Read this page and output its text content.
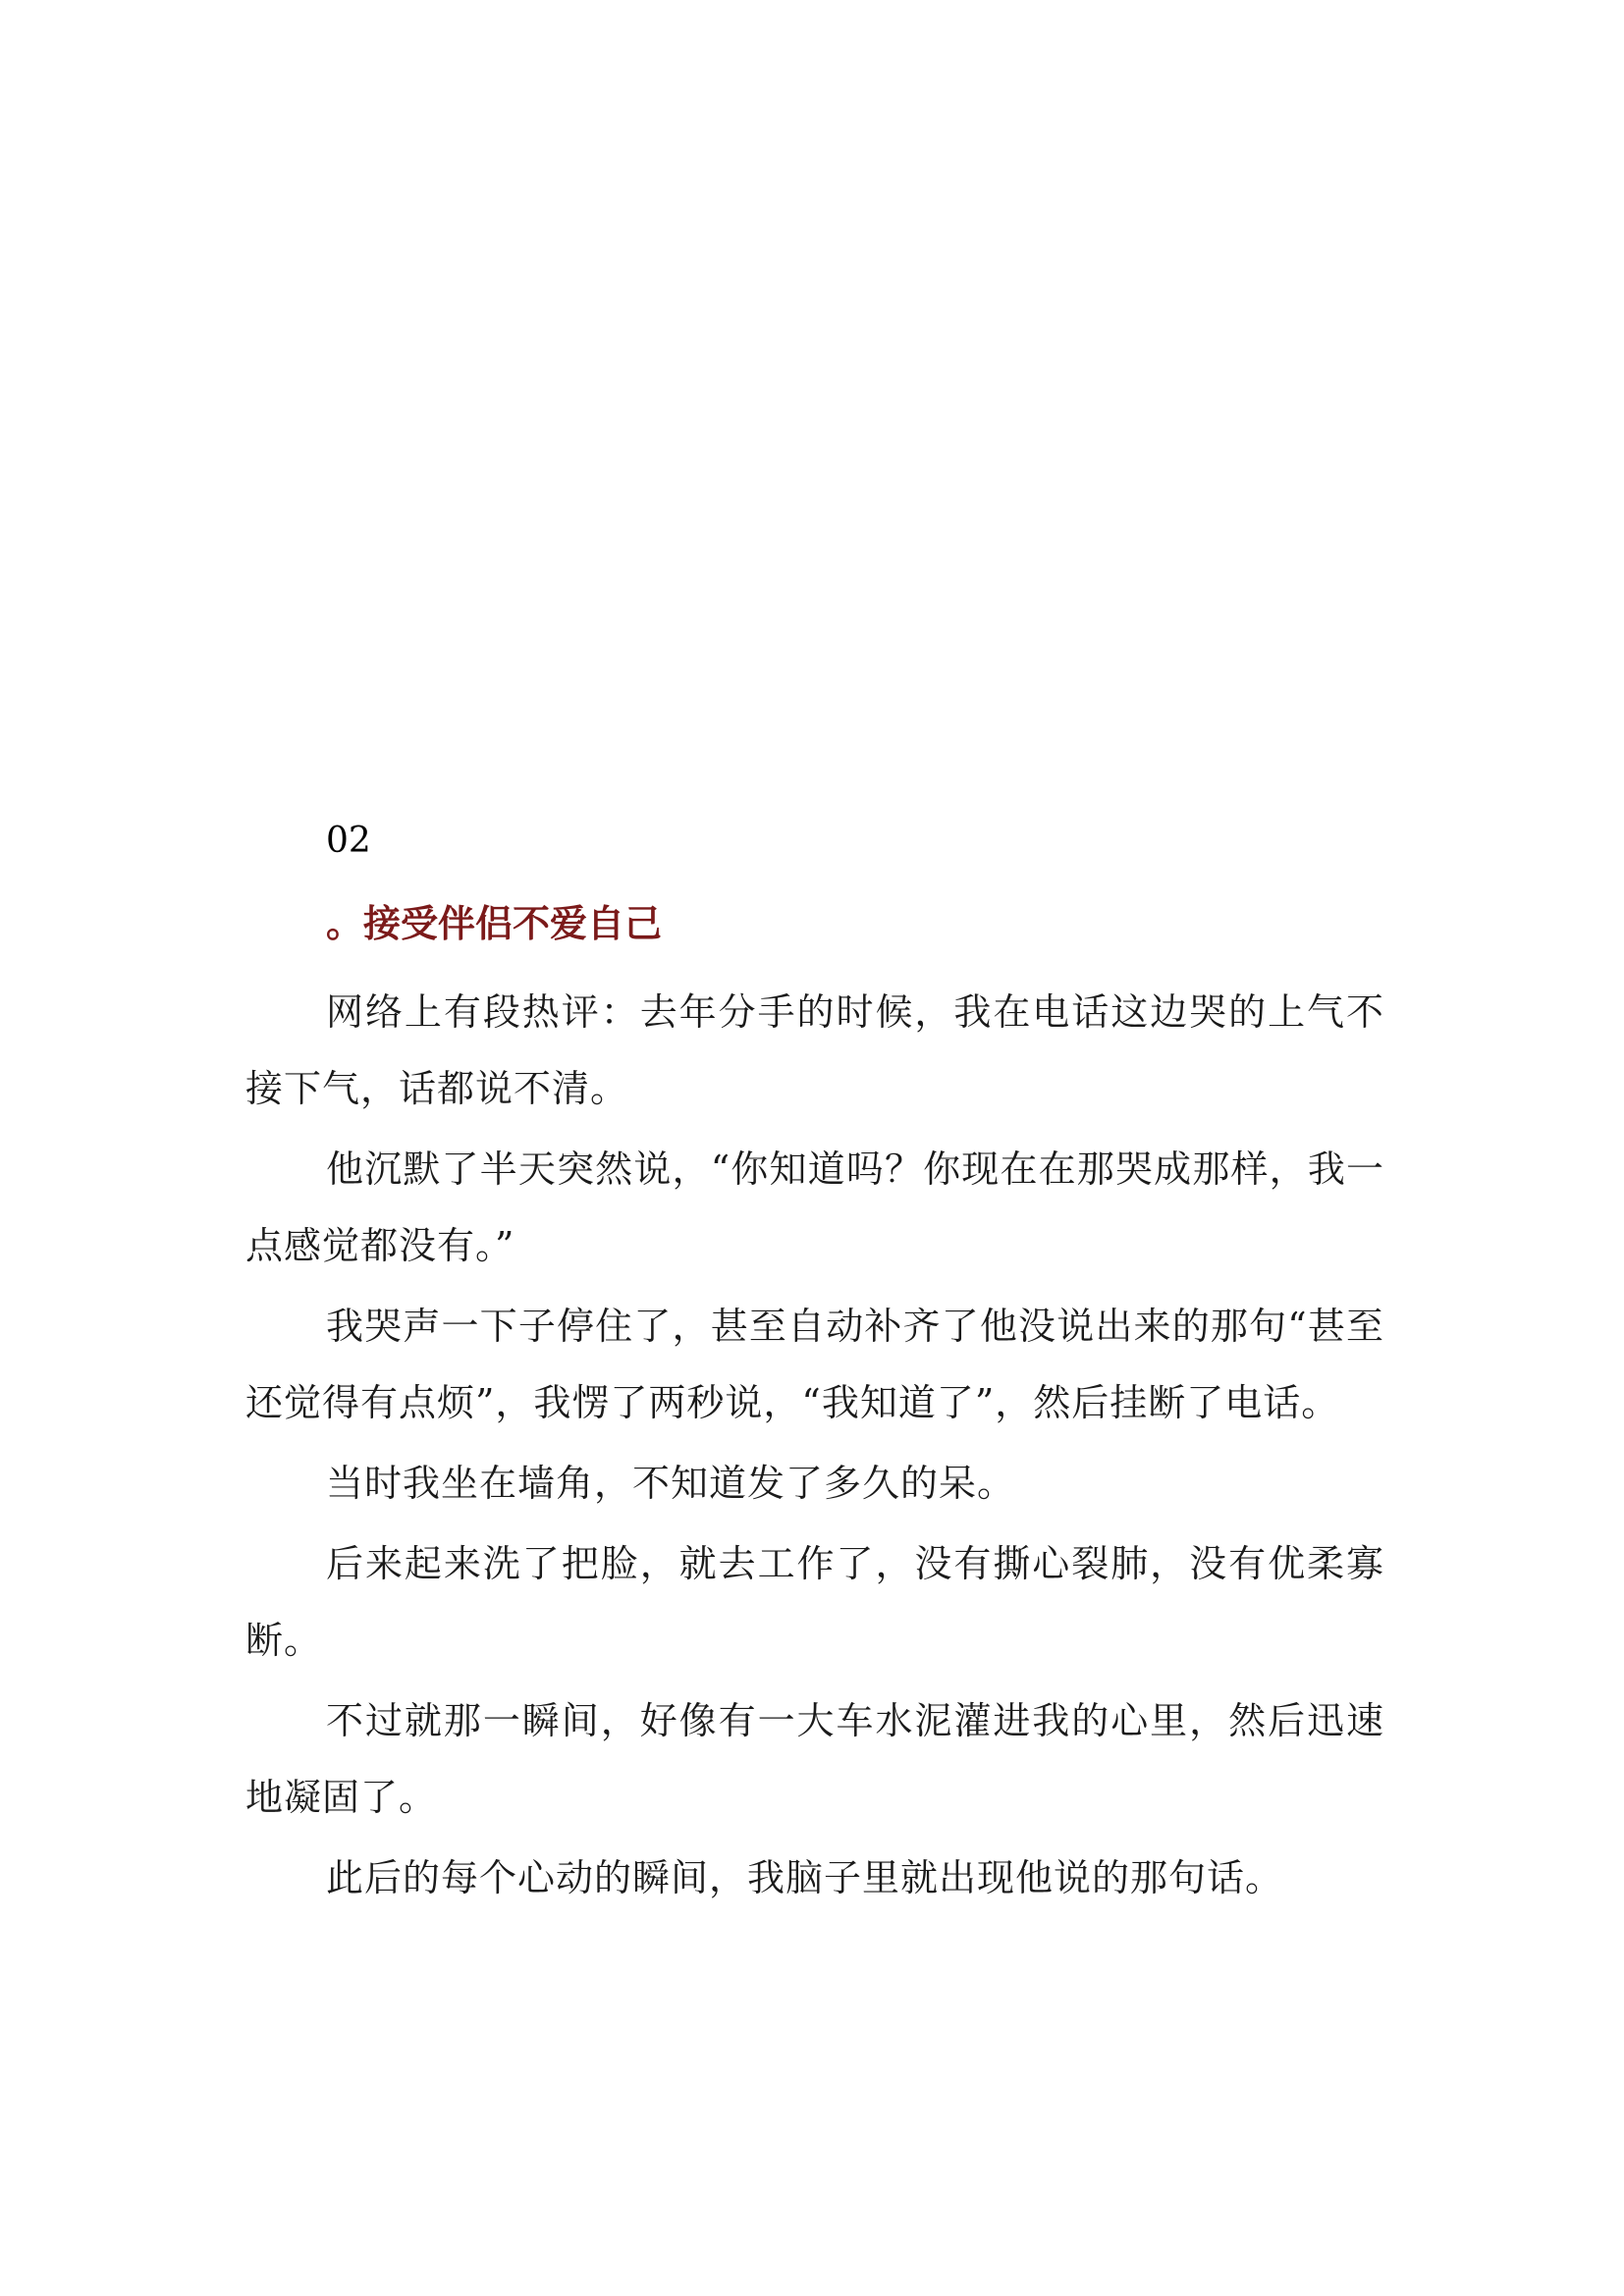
02

。接受伴侣不爱自己

网络上有段热评：去年分手的时候，我在电话这边哭的上气不接下气，话都说不清。

他沉默了半天突然说，“你知道吗？你现在在那哭成那样，我一点感觉都没有。”

我哭声一下子停住了，甚至自动补齐了他没说出来的那句“甚至还觉得有点烦”，我愣了两秒说，“我知道了”，然后挂断了电话。

当时我坐在墙角，不知道发了多久的呆。

后来起来洗了把脸，就去工作了，没有撕心裂肺，没有优柔寡断。

不过就那一瞬间，好像有一大车水泥灌进我的心里，然后迅速地凝固了。

此后的每个心动的瞬间，我脑子里就出现他说的那句话。
